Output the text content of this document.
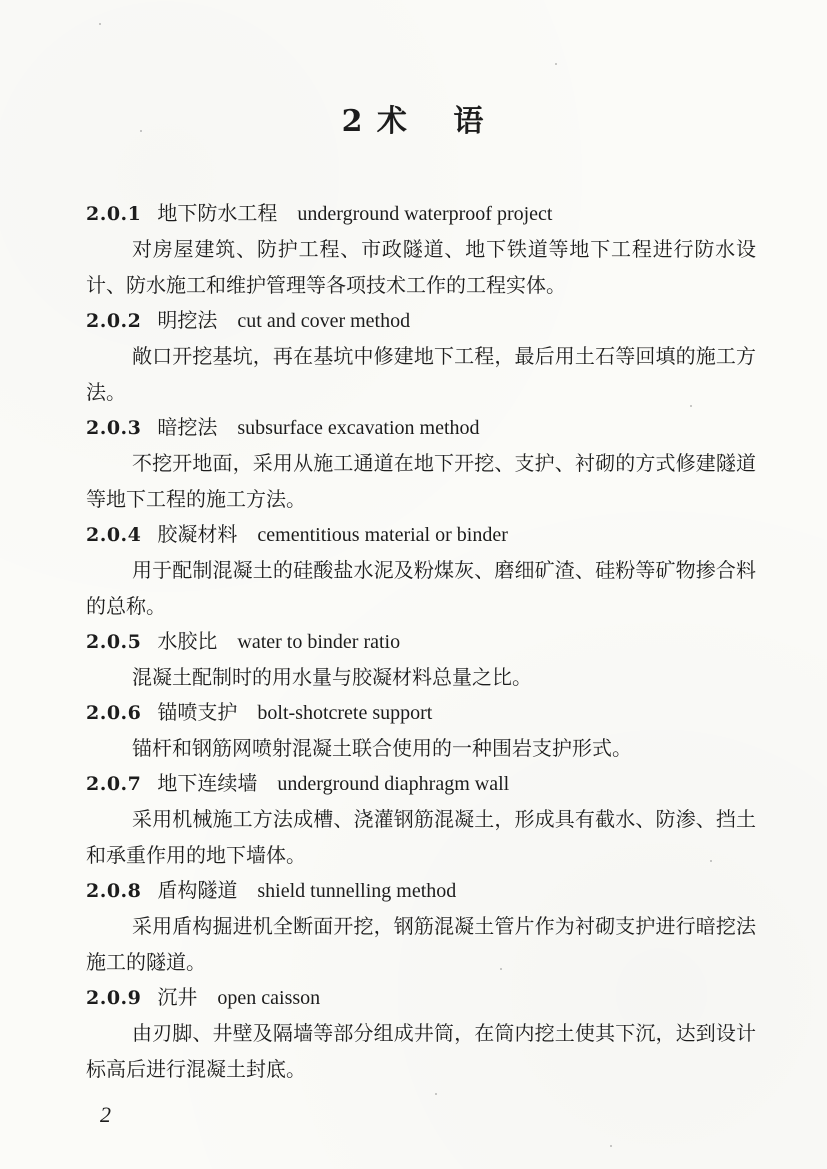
2 术　 语
2.0.1 地下防水工程 underground waterproof project

对房屋建筑、防护工程、市政隧道、地下铁道等地下工程进行防水设计、防水施工和维护管理等各项技术工作的工程实体。

2.0.2 明挖法 cut and cover method

敞口开挖基坑，再在基坑中修建地下工程，最后用土石等回填的施工方法。

2.0.3 暗挖法 subsurface excavation method

不挖开地面，采用从施工通道在地下开挖、支护、衬砌的方式修建隧道等地下工程的施工方法。

2.0.4 胶凝材料 cementitious material or binder

用于配制混凝土的硅酸盐水泥及粉煤灰、磨细矿渣、硅粉等矿物掺合料的总称。

2.0.5 水胶比 water to binder ratio

混凝土配制时的用水量与胶凝材料总量之比。

2.0.6 锚喷支护 bolt-shotcrete support

锚杆和钢筋网喷射混凝土联合使用的一种围岩支护形式。

2.0.7 地下连续墙 underground diaphragm wall

采用机械施工方法成槽、浇灌钢筋混凝土，形成具有截水、防渗、挡土和承重作用的地下墙体。

2.0.8 盾构隧道 shield tunnelling method

采用盾构掘进机全断面开挖，钢筋混凝土管片作为衬砌支护进行暗挖法施工的隧道。

2.0.9 沉井 open caisson

由刃脚、井壁及隔墙等部分组成井筒，在筒内挖土使其下沉，达到设计标高后进行混凝土封底。

2
